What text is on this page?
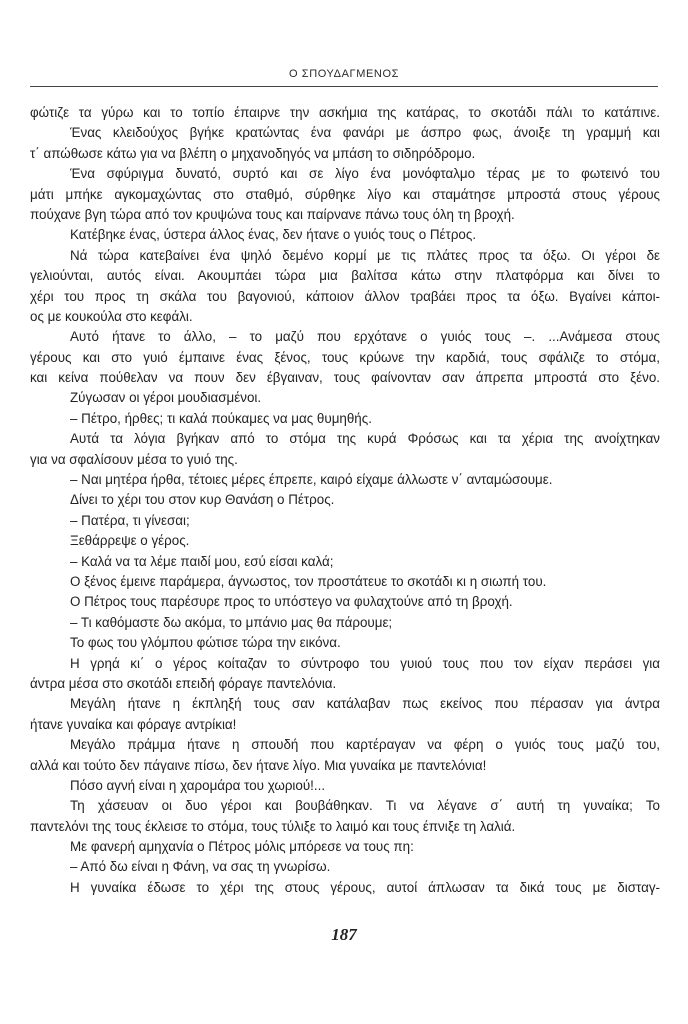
Ο ΣΠΟΥΔΑΓΜΕΝΟΣ
φώτιζε τα γύρω και το τοπίο έπαιρνε την ασκήμια της κατάρας, το σκοτάδι πάλι το κατάπινε.
Ένας κλειδούχος βγήκε κρατώντας ένα φανάρι με άσπρο φως, άνοιξε τη γραμμή και
τ΄ απώθωσε κάτω για να βλέπη ο μηχανοδηγός να μπάση το σιδηρόδρομο.
Ένα σφύριγμα δυνατό, συρτό και σε λίγο ένα μονόφταλμο τέρας με το φωτεινό του
μάτι μπήκε αγκομαχώντας στο σταθμό, σύρθηκε λίγο και σταμάτησε μπροστά στους γέρους
πούχανε βγη τώρα από τον κρυψώνα τους και παίρνανε πάνω τους όλη τη βροχή.
Κατέβηκε ένας, ύστερα άλλος ένας, δεν ήτανε ο γυιός τους ο Πέτρος.
Νά τώρα κατεβαίνει ένα ψηλό δεμένο κορμί με τις πλάτες προς τα όξω. Οι γέροι δε
γελιούνται, αυτός είναι. Ακουμπάει τώρα μια βαλίτσα κάτω στην πλατφόρμα και δίνει το
χέρι του προς τη σκάλα του βαγονιού, κάποιον άλλον τραβάει προς τα όξω. Βγαίνει κάποι-
ος με κουκούλα στο κεφάλι.
Αυτό ήτανε το άλλο, – το μαζύ που ερχότανε ο γυιός τους –. ...Ανάμεσα στους
γέρους και στο γυιό έμπαινε ένας ξένος, τους κρύωνε την καρδιά, τους σφάλιζε το στόμα,
και κείνα πούθελαν να πουν δεν έβγαιναν, τους φαίνονταν σαν άπρεπα μπροστά στο ξένο.
Ζύγωσαν οι γέροι μουδιασμένοι.
– Πέτρο, ήρθες; τι καλά πούκαμες να μας θυμηθής.
Αυτά τα λόγια βγήκαν από το στόμα της κυρά Φρόσως και τα χέρια της ανοίχτηκαν
για να σφαλίσουν μέσα το γυιό της.
– Ναι μητέρα ήρθα, τέτοιες μέρες έπρεπε, καιρό είχαμε άλλωστε ν΄ ανταμώσουμε.
Δίνει το χέρι του στον κυρ Θανάση ο Πέτρος.
– Πατέρα, τι γίνεσαι;
Ξεθάρρεψε ο γέρος.
– Καλά να τα λέμε παιδί μου, εσύ είσαι καλά;
Ο ξένος έμεινε παράμερα, άγνωστος, τον προστάτευε το σκοτάδι κι η σιωπή του.
Ο Πέτρος τους παρέσυρε προς το υπόστεγο να φυλαχτούνε από τη βροχή.
– Τι καθόμαστε δω ακόμα, το μπάνιο μας θα πάρουμε;
Το φως του γλόμπου φώτισε τώρα την εικόνα.
Η γρηά κι΄ ο γέρος κοίταζαν το σύντροφο του γυιού τους που τον είχαν περάσει για
άντρα μέσα στο σκοτάδι επειδή φόραγε παντελόνια.
Μεγάλη ήτανε η έκπληξή τους σαν κατάλαβαν πως εκείνος που πέρασαν για άντρα
ήτανε γυναίκα και φόραγε αντρίκια!
Μεγάλο πράμμα ήτανε η σπουδή που καρτέραγαν να φέρη ο γυιός τους μαζύ του,
αλλά και τούτο δεν πάγαινε πίσω, δεν ήτανε λίγο. Μια γυναίκα με παντελόνια!
Πόσο αγνή είναι η χαρομάρα του χωριού!...
Τη χάσευαν οι δυο γέροι και βουβάθηκαν. Τι να λέγανε σ΄ αυτή τη γυναίκα; Το
παντελόνι της τους έκλεισε το στόμα, τους τύλιξε το λαιμό και τους έπνιξε τη λαλιά.
Με φανερή αμηχανία ο Πέτρος μόλις μπόρεσε να τους πη:
– Από δω είναι η Φάνη, να σας τη γνωρίσω.
Η γυναίκα έδωσε το χέρι της στους γέρους, αυτοί άπλωσαν τα δικά τους με δισταγ-
187
